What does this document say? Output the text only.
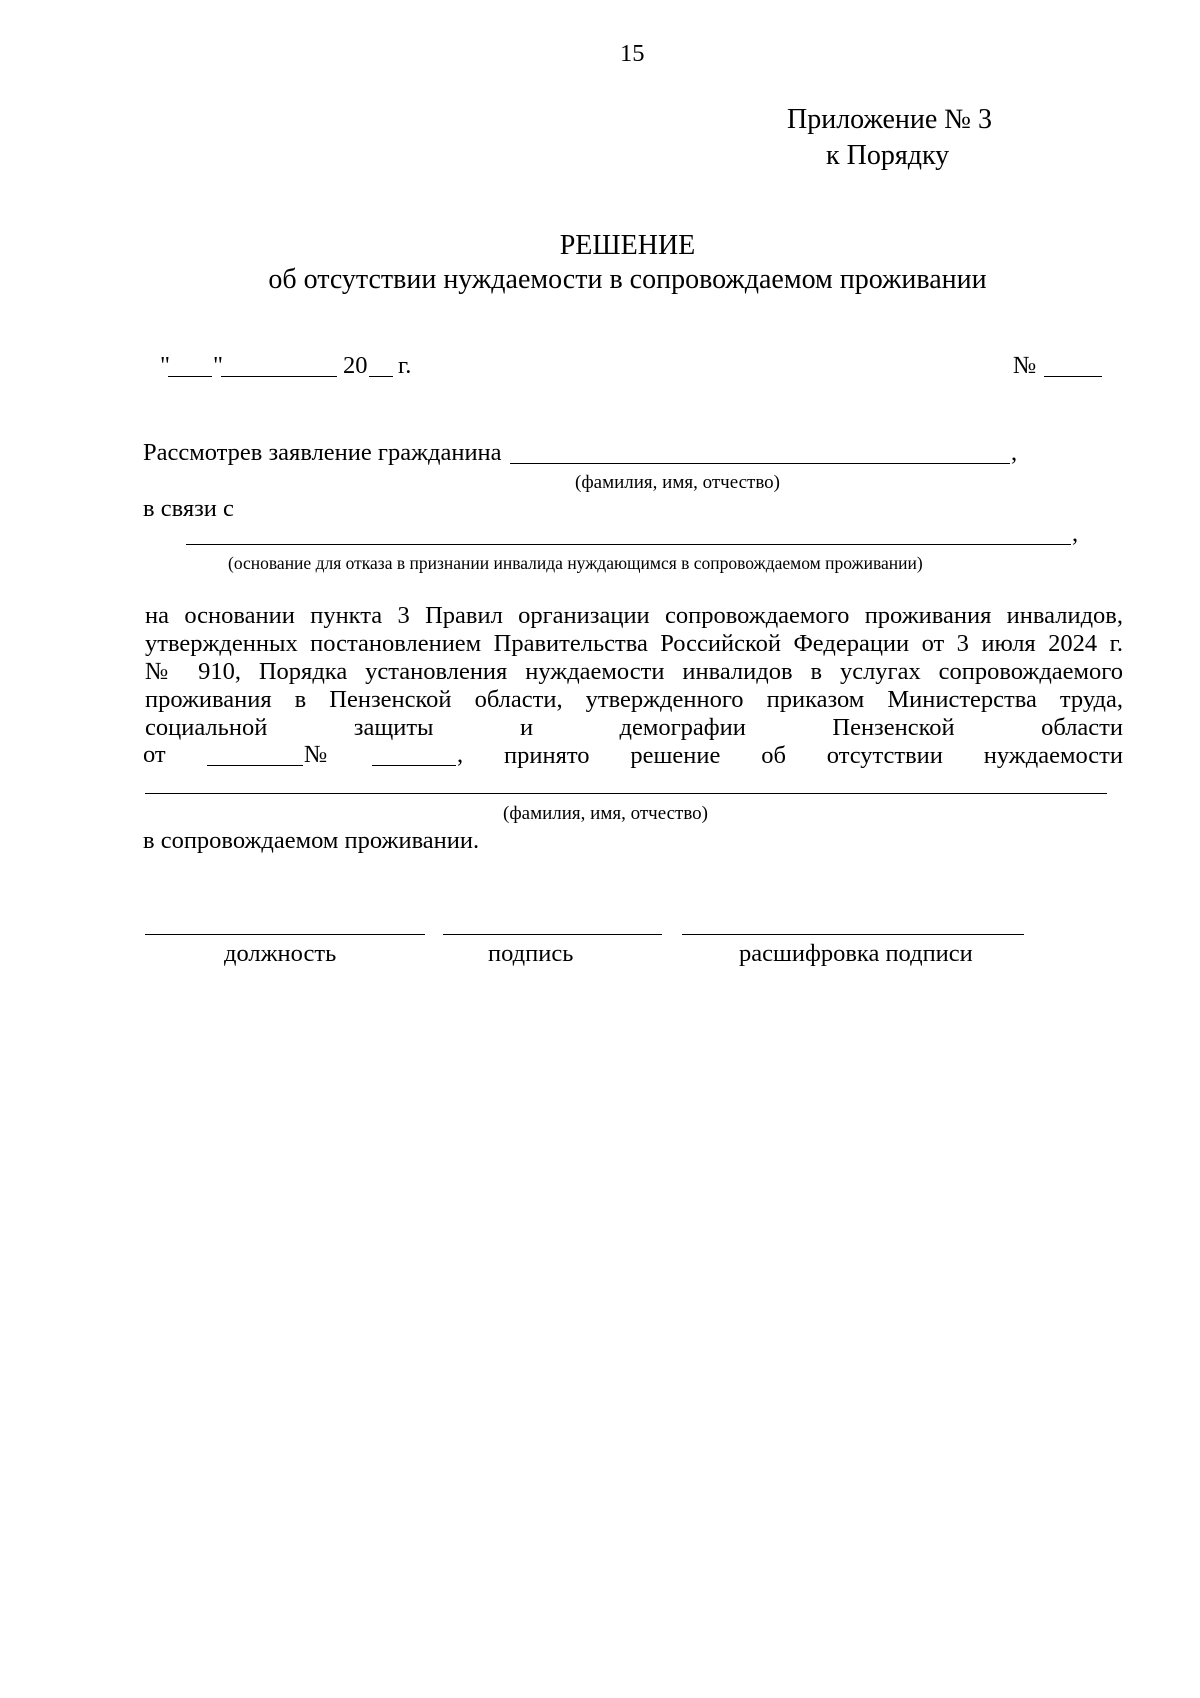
15
Приложение № 3
к Порядку
РЕШЕНИЕ
об отсутствии нуждаемости в сопровождаемом проживании
" "	20 г.	№
Рассмотрев заявление гражданина	,
(фамилия, имя, отчество)
в связи с
,
(основание для отказа в признании инвалида нуждающимся в сопровождаемом проживании)
на основании пункта 3 Правил организации сопровождаемого проживания инвалидов,
утвержденных постановлением Правительства Российской Федерации от 3 июля 2024 г.
№ 910, Порядка установления нуждаемости инвалидов в услугах сопровождаемого
проживания в Пензенской области, утвержденного приказом Министерства труда,
социальной защиты и демографии Пензенской области
от	№	, принято решение об отсутствии нуждаемости
(фамилия, имя, отчество)
в сопровождаемом проживании.
должность	подпись	расшифровка подписи
